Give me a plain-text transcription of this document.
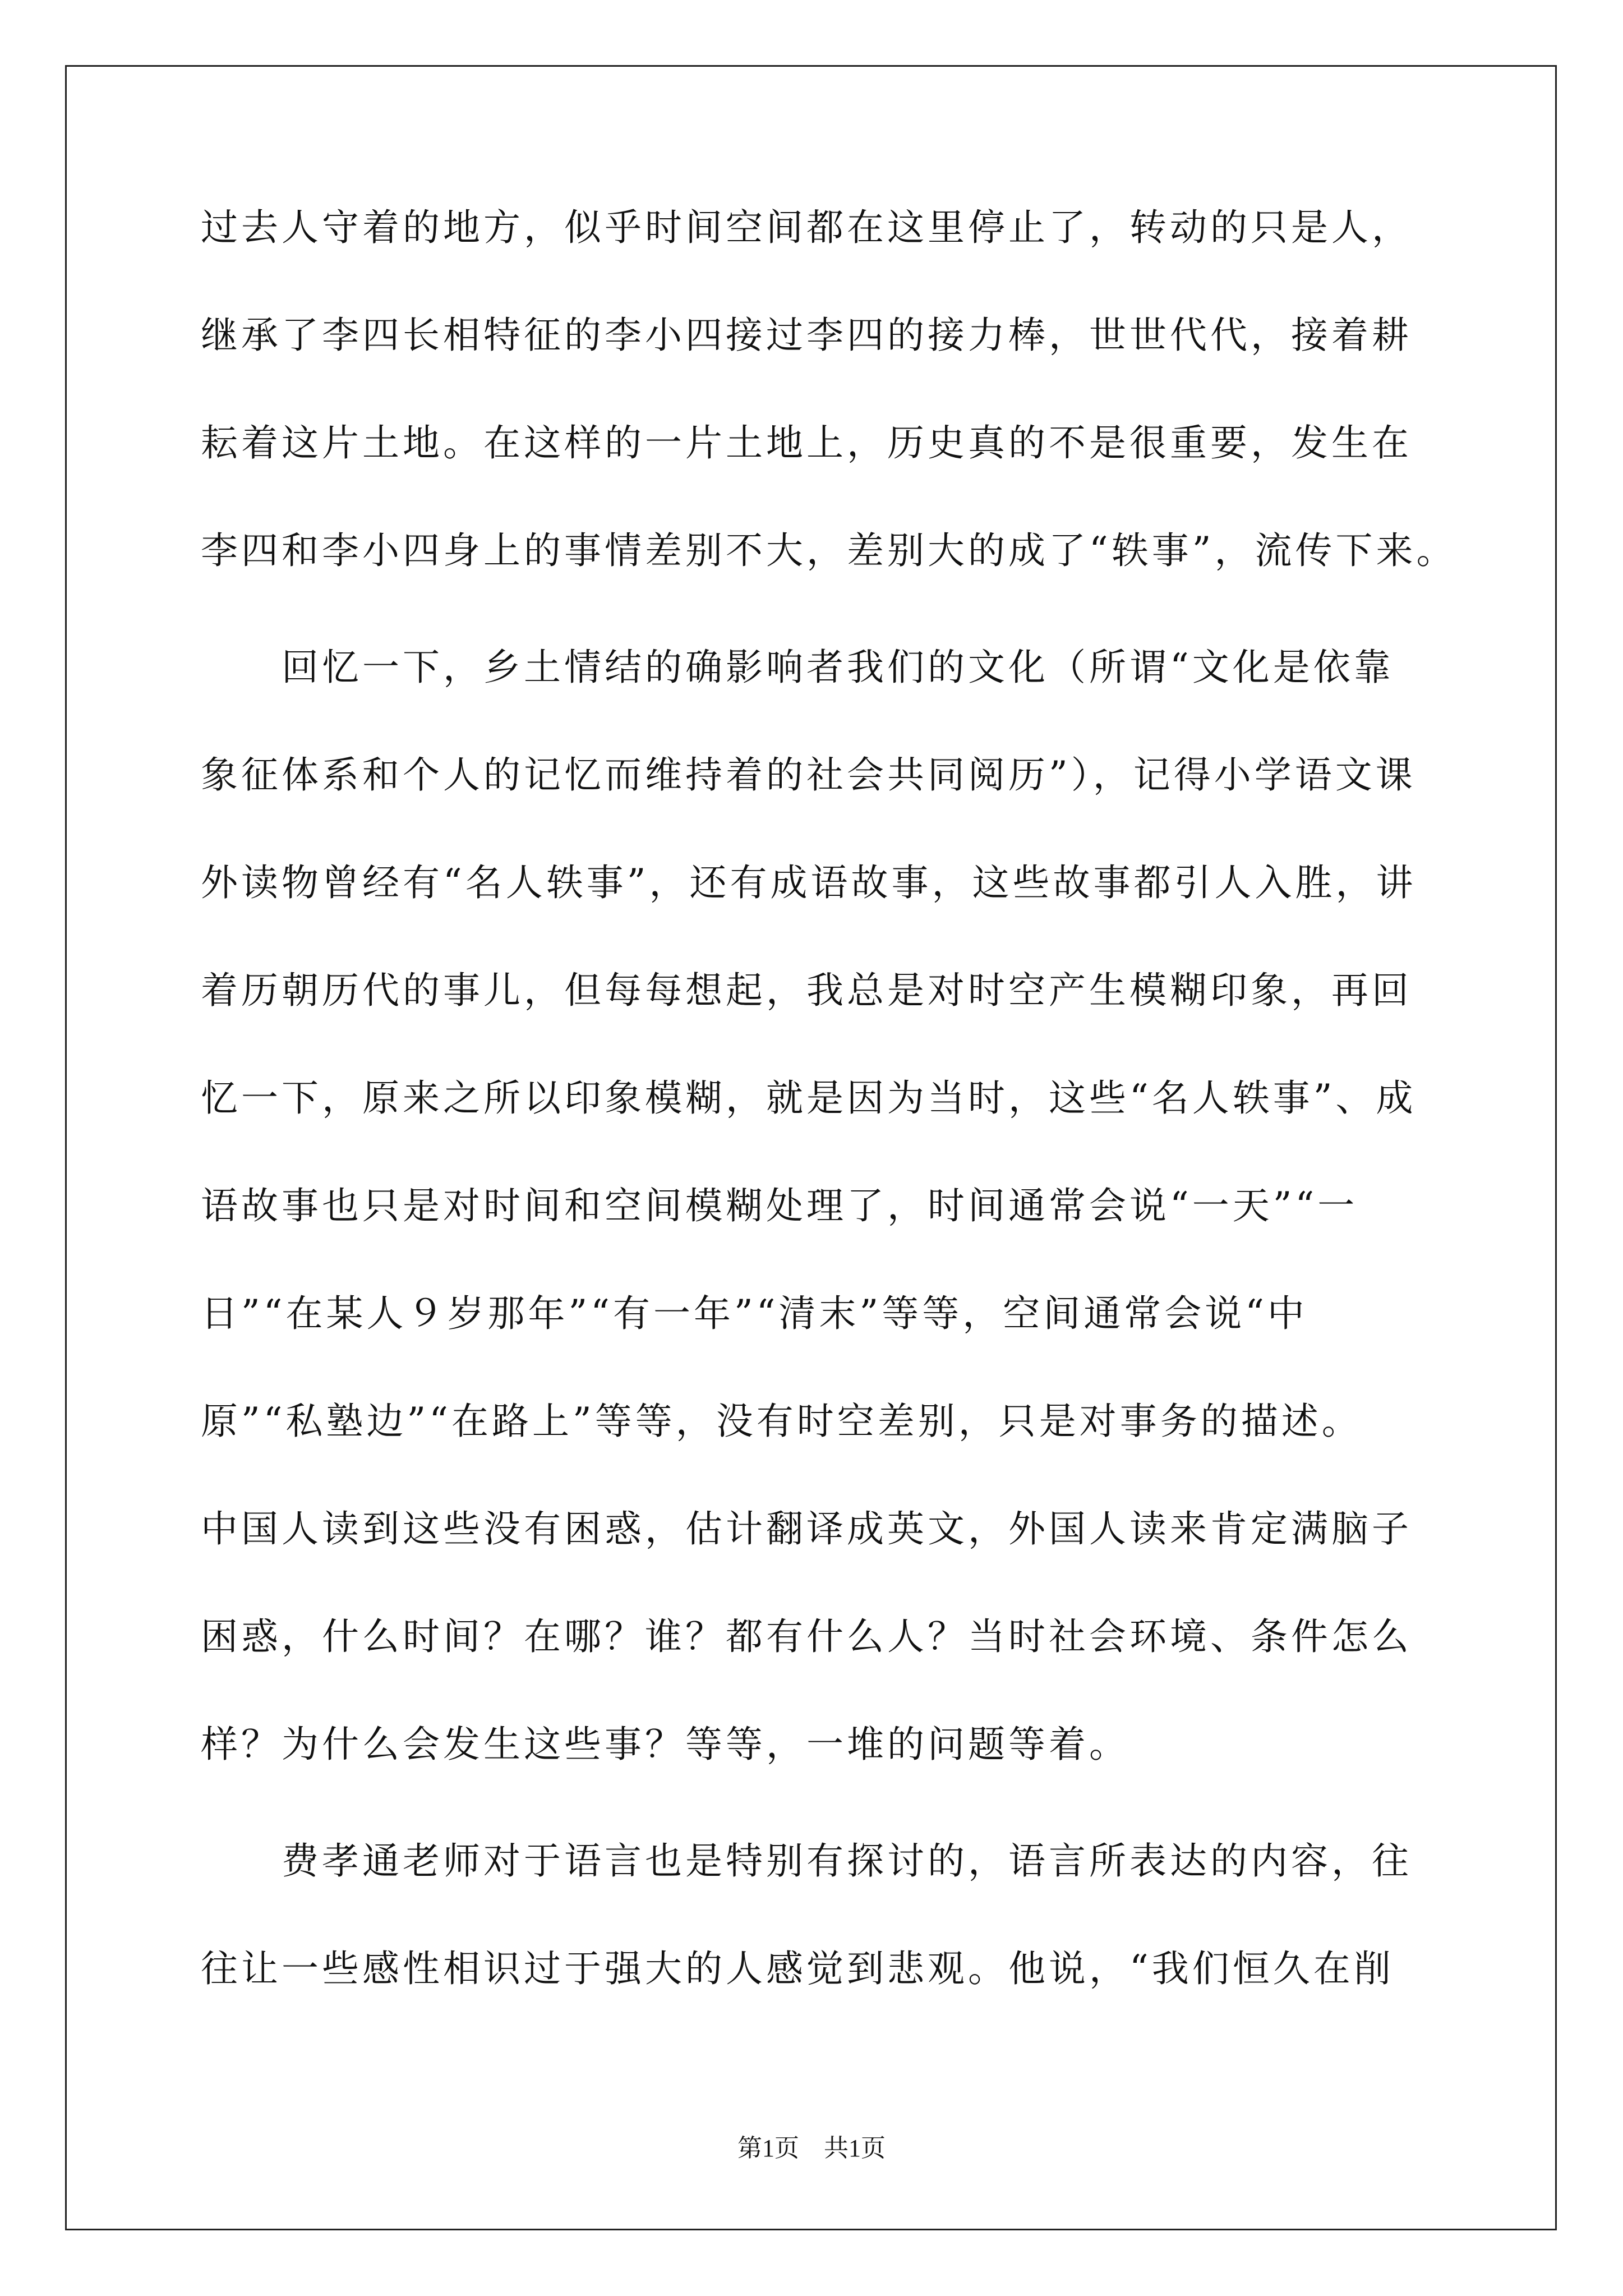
过去人守着的地方，似乎时间空间都在这里停止了，转动的只是人，
继承了李四长相特征的李小四接过李四的接力棒，世世代代，接着耕
耘着这片土地。在这样的一片土地上，历史真的不是很重要，发生在
李四和李小四身上的事情差别不大，差别大的成了“轶事”，流传下来。
　　回忆一下，乡土情结的确影响者我们的文化（所谓“文化是依靠
象征体系和个人的记忆而维持着的社会共同阅历”），记得小学语文课
外读物曾经有“名人轶事”，还有成语故事，这些故事都引人入胜，讲
着历朝历代的事儿，但每每想起，我总是对时空产生模糊印象，再回
忆一下，原来之所以印象模糊，就是因为当时，这些“名人轶事”、成
语故事也只是对时间和空间模糊处理了，时间通常会说“一天”“一
日”“在某人９岁那年”“有一年”“清末”等等，空间通常会说“中
原”“私塾边”“在路上”等等，没有时空差别，只是对事务的描述。
中国人读到这些没有困惑，估计翻译成英文，外国人读来肯定满脑子
困惑，什么时间？在哪？谁？都有什么人？当时社会环境、条件怎么
样？为什么会发生这些事？等等，一堆的问题等着。
　　费孝通老师对于语言也是特别有探讨的，语言所表达的内容，往
往让一些感性相识过于强大的人感觉到悲观。他说，“我们恒久在削
第1页　共1页
